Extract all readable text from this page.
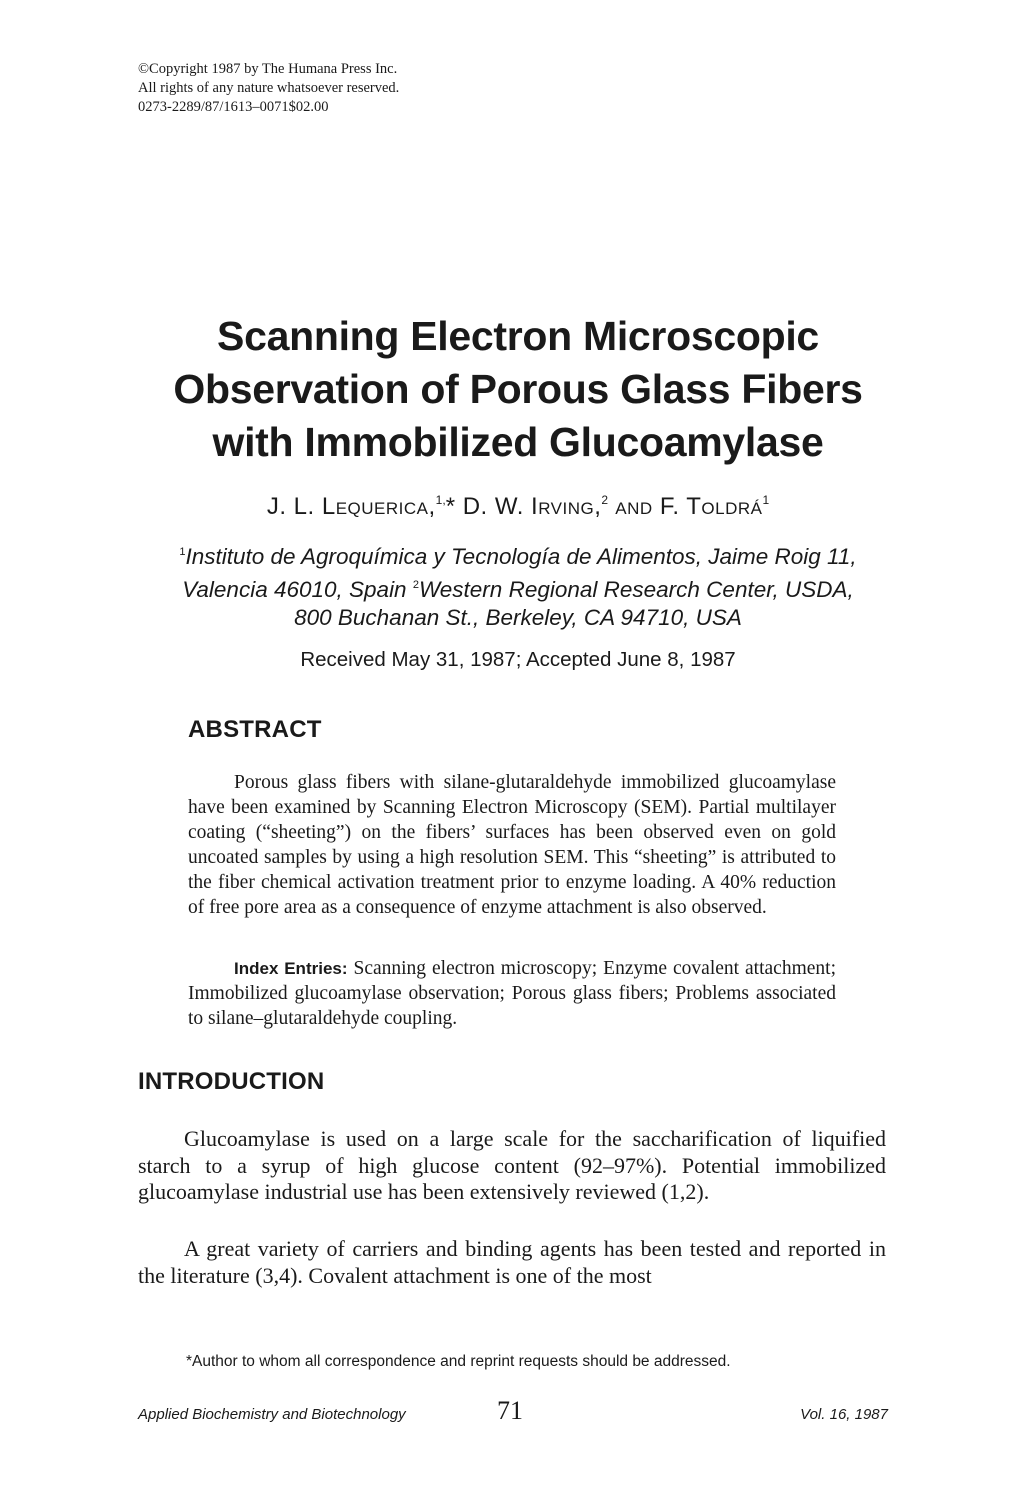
©Copyright 1987 by The Humana Press Inc.
All rights of any nature whatsoever reserved.
0273-2289/87/1613–0071$02.00
Scanning Electron Microscopic
Observation of Porous Glass Fibers
with Immobilized Glucoamylase
J. L. Lequerica,$^{1,}$* D. W. Irving,$^2$ and F. Toldrá$^1$
$^1$Instituto de Agroquímica y Tecnología de Alimentos, Jaime Roig 11,
Valencia 46010, Spain $^2$Western Regional Research Center, USDA,
800 Buchanan St., Berkeley, CA 94710, USA
Received May 31, 1987; Accepted June 8, 1987
ABSTRACT
Porous glass fibers with silane-glutaraldehyde immobilized glucoamylase have been examined by Scanning Electron Microscopy (SEM). Partial multilayer coating (“sheeting”) on the fibers’ surfaces has been observed even on gold uncoated samples by using a high resolution SEM. This “sheeting” is attributed to the fiber chemical activation treatment prior to enzyme loading. A 40% reduction of free pore area as a consequence of enzyme attachment is also observed.
Index Entries: Scanning electron microscopy; Enzyme covalent attachment; Immobilized glucoamylase observation; Porous glass fibers; Problems associated to silane–glutaraldehyde coupling.
INTRODUCTION
Glucoamylase is used on a large scale for the saccharification of liquified starch to a syrup of high glucose content (92–97%). Potential immobilized glucoamylase industrial use has been extensively reviewed (1,2).
A great variety of carriers and binding agents has been tested and reported in the literature (3,4). Covalent attachment is one of the most
*Author to whom all correspondence and reprint requests should be addressed.
Applied Biochemistry and Biotechnology	71	Vol. 16, 1987
